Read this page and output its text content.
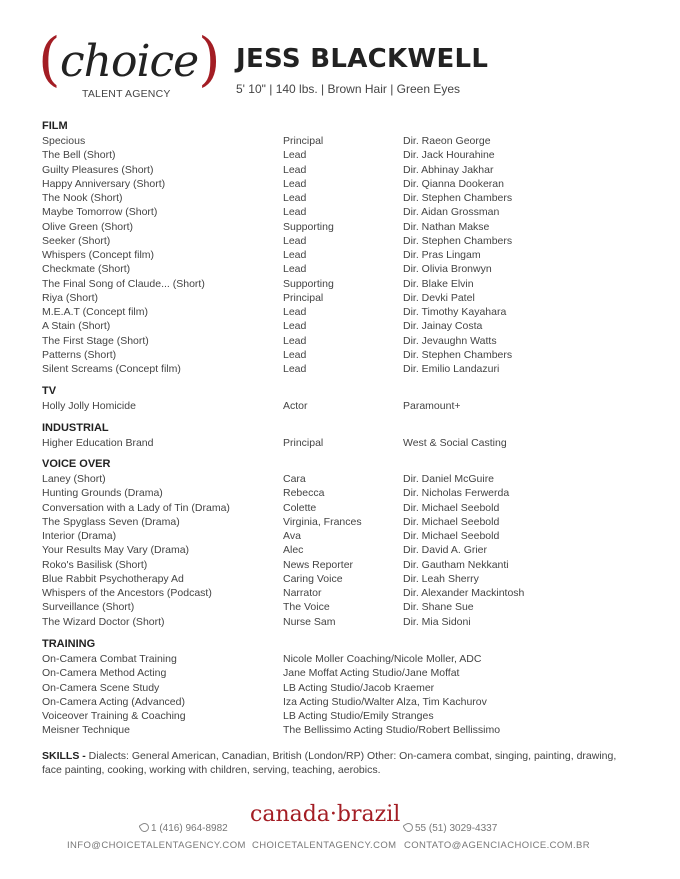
( choice )
TALENT AGENCY
JESS BLACKWELL
5' 10" | 140 lbs. | Brown Hair | Green Eyes
FILM
Specious	Principal	Dir. Raeon George
The Bell (Short)	Lead	Dir. Jack Hourahine
Guilty Pleasures (Short)	Lead	Dir. Abhinay Jakhar
Happy Anniversary (Short)	Lead	Dir. Qianna Dookeran
The Nook (Short)	Lead	Dir. Stephen Chambers
Maybe Tomorrow (Short)	Lead	Dir. Aidan Grossman
Olive Green (Short)	Supporting	Dir. Nathan Makse
Seeker (Short)	Lead	Dir. Stephen Chambers
Whispers (Concept film)	Lead	Dir. Pras Lingam
Checkmate (Short)	Lead	Dir. Olivia Bronwyn
The Final Song of Claude... (Short)	Supporting	Dir. Blake Elvin
Riya (Short)	Principal	Dir. Devki Patel
M.E.A.T (Concept film)	Lead	Dir. Timothy Kayahara
A Stain (Short)	Lead	Dir. Jainay Costa
The First Stage (Short)	Lead	Dir. Jevaughn Watts
Patterns (Short)	Lead	Dir. Stephen Chambers
Silent Screams (Concept film)	Lead	Dir. Emilio Landazuri
TV
Holly Jolly Homicide	Actor	Paramount+
INDUSTRIAL
Higher Education Brand	Principal	West & Social Casting
VOICE OVER
Laney (Short)	Cara	Dir. Daniel McGuire
Hunting Grounds (Drama)	Rebecca	Dir. Nicholas Ferwerda
Conversation with a Lady of Tin (Drama)	Colette	Dir. Michael Seebold
The Spyglass Seven (Drama)	Virginia, Frances	Dir. Michael Seebold
Interior (Drama)	Ava	Dir. Michael Seebold
Your Results May Vary (Drama)	Alec	Dir. David A. Grier
Roko's Basilisk (Short)	News Reporter	Dir. Gautham Nekkanti
Blue Rabbit Psychotherapy Ad	Caring Voice	Dir. Leah Sherry
Whispers of the Ancestors (Podcast)	Narrator	Dir. Alexander Mackintosh
Surveillance (Short)	The Voice	Dir. Shane Sue
The Wizard Doctor (Short)	Nurse Sam	Dir. Mia Sidoni
TRAINING
On-Camera Combat Training	Nicole Moller Coaching/Nicole Moller, ADC
On-Camera Method Acting	Jane Moffat Acting Studio/Jane Moffat
On-Camera Scene Study	LB Acting Studio/Jacob Kraemer
On-Camera Acting (Advanced)	Iza Acting Studio/Walter Alza, Tim Kachurov
Voiceover Training & Coaching	LB Acting Studio/Emily Stranges
Meisner Technique	The Bellissimo Acting Studio/Robert Bellissimo
SKILLS - Dialects: General American, Canadian, British (London/RP) Other: On-camera combat, singing, painting, drawing, face painting, cooking, working with children, serving, teaching, aerobics.
canada·brazil
1 (416) 964-8982	55 (51) 3029-4337
INFO@CHOICETALENTAGENCY.COM CHOICETALENTAGENCY.COM CONTATO@AGENCIACHOICE.COM.BR
